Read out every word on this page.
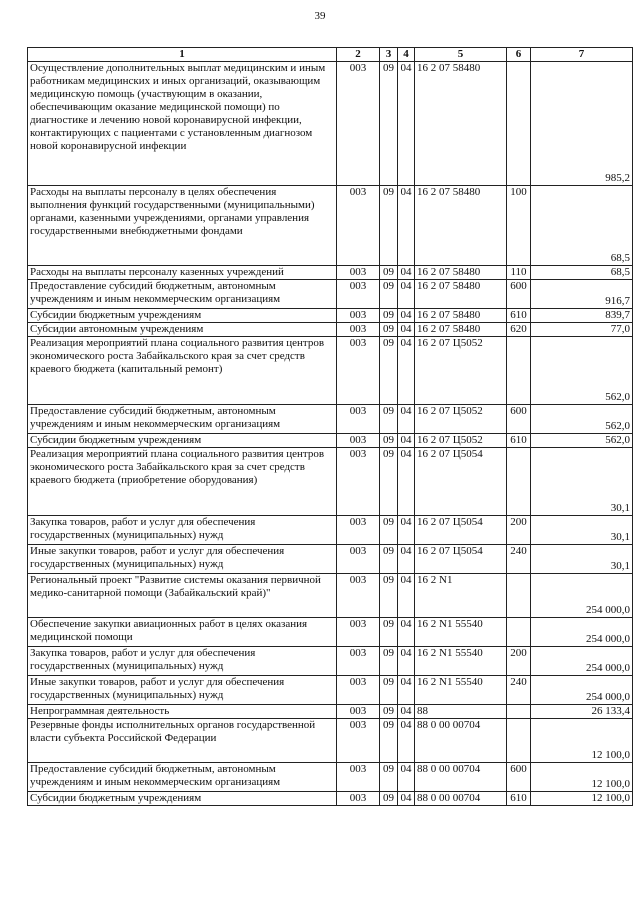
39
1	2	3	4	5	6	7
Осуществление дополнительных выплат медицинским и иным работникам медицинских и иных организаций, оказывающим медицинскую помощь (участвующим в оказании, обеспечивающим оказание медицинской помощи) по диагностике и лечению новой коронавирусной инфекции, контактирующих с пациентами с установленным диагнозом новой коронавирусной инфекции	003	09	04	16 2 07 58480		985,2
Расходы на выплаты персоналу в целях обеспечения выполнения функций государственными (муниципальными) органами, казенными учреждениями, органами управления государственными внебюджетными фондами	003	09	04	16 2 07 58480	100	68,5
Расходы на выплаты персоналу казенных учреждений	003	09	04	16 2 07 58480	110	68,5
Предоставление субсидий бюджетным, автономным учреждениям и иным некоммерческим организациям	003	09	04	16 2 07 58480	600	916,7
Субсидии бюджетным учреждениям	003	09	04	16 2 07 58480	610	839,7
Субсидии автономным учреждениям	003	09	04	16 2 07 58480	620	77,0
Реализация мероприятий плана социального развития центров экономического роста Забайкальского края за счет средств краевого бюджета (капитальный ремонт)	003	09	04	16 2 07 Ц5052		562,0
Предоставление субсидий бюджетным, автономным учреждениям и иным некоммерческим организациям	003	09	04	16 2 07 Ц5052	600	562,0
Субсидии бюджетным учреждениям	003	09	04	16 2 07 Ц5052	610	562,0
Реализация мероприятий плана социального развития центров экономического роста Забайкальского края за счет средств краевого бюджета (приобретение оборудования)	003	09	04	16 2 07 Ц5054		30,1
Закупка товаров, работ и услуг для обеспечения государственных (муниципальных) нужд	003	09	04	16 2 07 Ц5054	200	30,1
Иные закупки товаров, работ и услуг для обеспечения государственных (муниципальных) нужд	003	09	04	16 2 07 Ц5054	240	30,1
Региональный проект "Развитие системы оказания первичной медико-санитарной помощи (Забайкальский край)"	003	09	04	16 2 N1		254 000,0
Обеспечение закупки авиационных работ в целях оказания медицинской помощи	003	09	04	16 2 N1 55540		254 000,0
Закупка товаров, работ и услуг для обеспечения государственных (муниципальных) нужд	003	09	04	16 2 N1 55540	200	254 000,0
Иные закупки товаров, работ и услуг для обеспечения государственных (муниципальных) нужд	003	09	04	16 2 N1 55540	240	254 000,0
Непрограммная деятельность	003	09	04	88		26 133,4
Резервные фонды исполнительных органов государственной власти субъекта Российской Федерации	003	09	04	88 0 00 00704		12 100,0
Предоставление субсидий бюджетным, автономным учреждениям и иным некоммерческим организациям	003	09	04	88 0 00 00704	600	12 100,0
Субсидии бюджетным учреждениям	003	09	04	88 0 00 00704	610	12 100,0
